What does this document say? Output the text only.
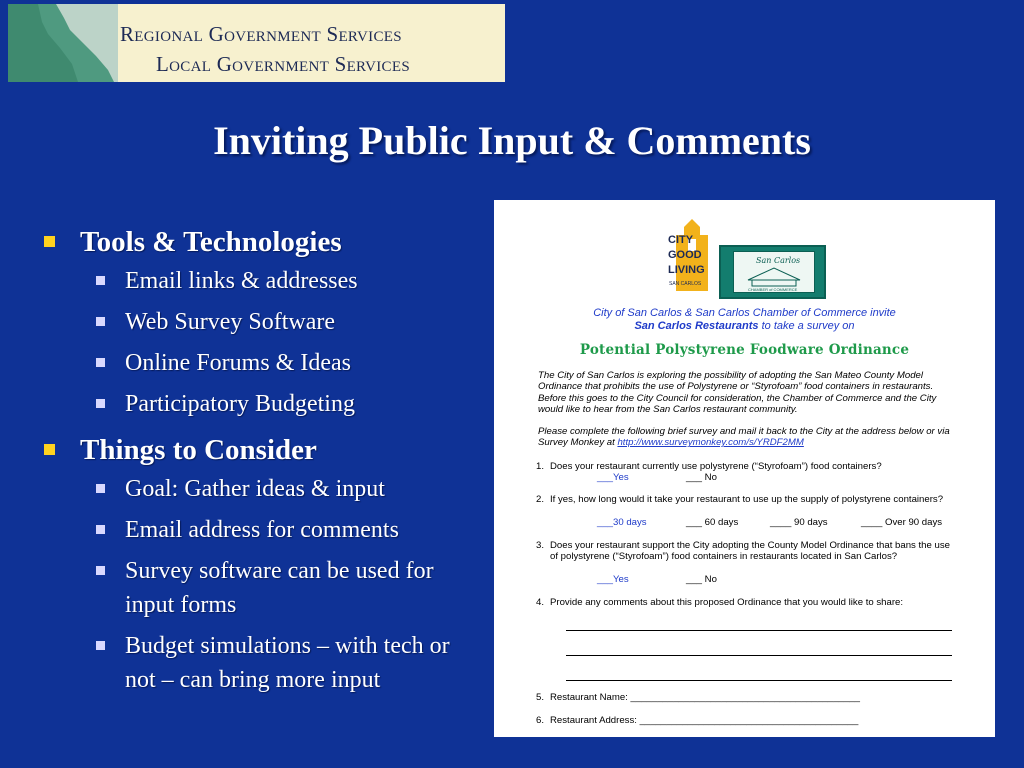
Regional Government Services
Local Government Services
Inviting Public Input & Comments
Tools & Technologies
Email links & addresses
Web Survey Software
Online Forums & Ideas
Participatory Budgeting
Things to Consider
Goal: Gather ideas & input
Email address for comments
Survey software can be used for input forms
Budget simulations – with tech or not – can bring more input
CITY
GOOD
LIVING
SAN CARLOS
San Carlos
CHAMBER of COMMERCE
City of San Carlos & San Carlos Chamber of Commerce invite
San Carlos Restaurants to take a survey on
Potential Polystyrene Foodware Ordinance
The City of San Carlos is exploring the possibility of adopting the San Mateo County Model Ordinance that prohibits the use of Polystyrene or “Styrofoam” food containers in restaurants. Before this goes to the City Council for consideration, the Chamber of Commerce and the City would like to hear from the San Carlos restaurant community.
Please complete the following brief survey and mail it back to the City at the address below or via Survey Monkey at http://www.surveymonkey.com/s/YRDF2MM
1. Does your restaurant currently use polystyrene (“Styrofoam”) food containers?
___Yes	___ No
2. If yes, how long would it take your restaurant to use up the supply of polystyrene containers?
___30 days	___ 60 days	____ 90 days	____ Over 90 days
3. Does your restaurant support the City adopting the County Model Ordinance that bans the use of polystyrene (“Styrofoam”) food containers in restaurants located in San Carlos?
___Yes	___ No
4. Provide any comments about this proposed Ordinance that you would like to share:
5. Restaurant Name: ___________________________________________
6. Restaurant Address: _________________________________________
